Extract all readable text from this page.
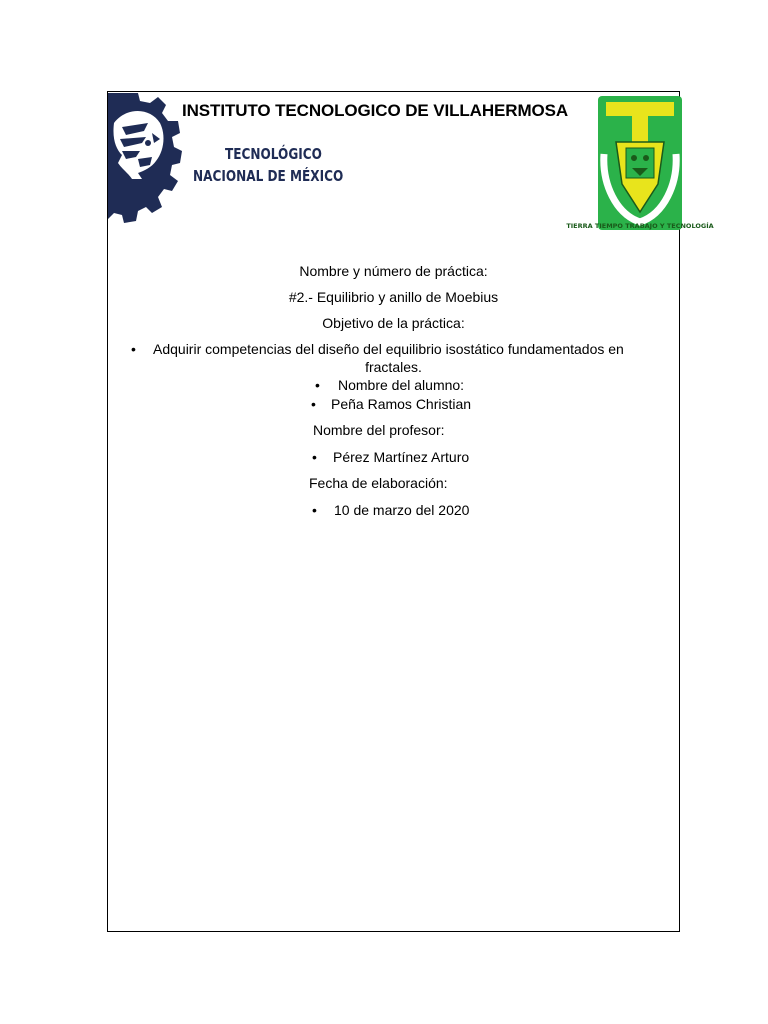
INSTITUTO TECNOLOGICO DE VILLAHERMOSA
TECNOLÓGICO
NACIONAL DE MÉXICO
TIERRA TIEMPO TRABAJO Y TECNOLOGÍA
Nombre y número de práctica:
#2.- Equilibrio y anillo de Moebius
Objetivo de la práctica:
• Adquirir competencias del diseño del equilibrio isostático fundamentados en
fractales.
• Nombre del alumno:
• Peña Ramos Christian
Nombre del profesor:
• Pérez Martínez Arturo
Fecha de elaboración:
• 10 de marzo del 2020
